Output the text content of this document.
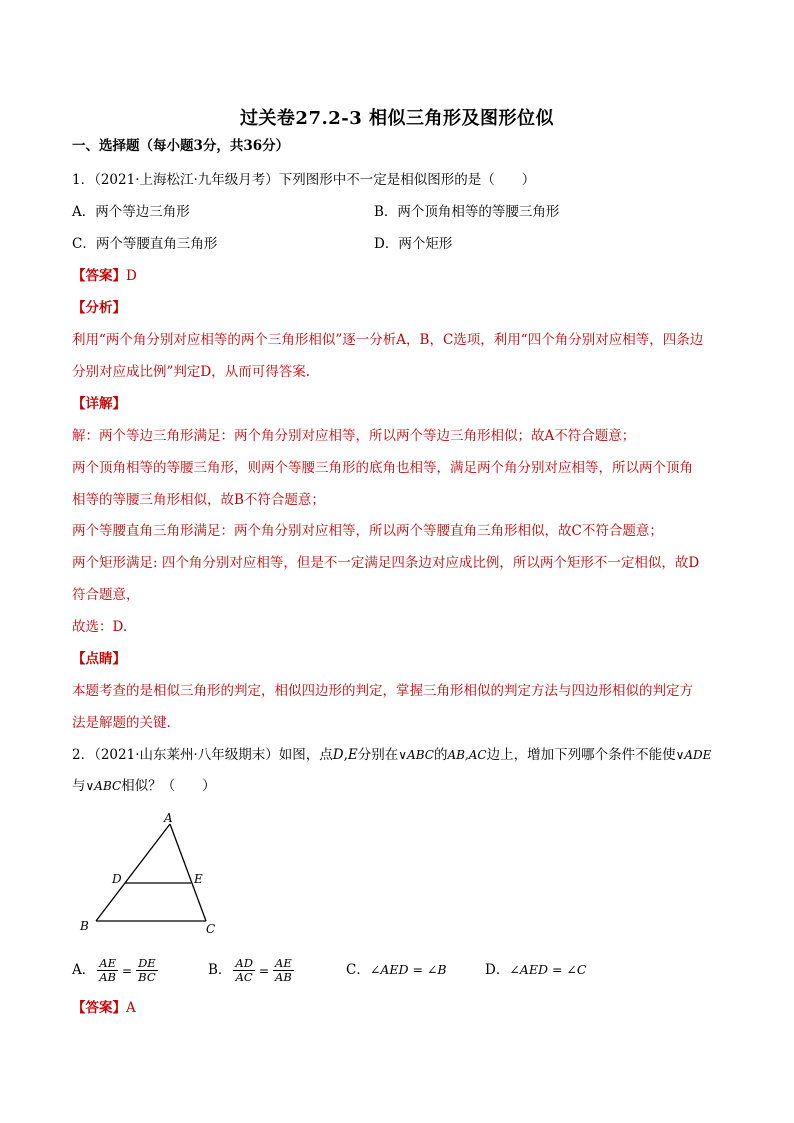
过关卷27.2-3 相似三角形及图形位似
一、选择题（每小题3分，共36分）
1．（2021·上海松江·九年级月考）下列图形中不一定是相似图形的是（　　）
A．两个等边三角形	B．两个顶角相等的等腰三角形
C．两个等腰直角三角形	D．两个矩形
【答案】D
【分析】
利用“两个角分别对应相等的两个三角形相似”逐一分析A，B，C选项，利用“四个角分别对应相等，四条边
分别对应成比例”判定D，从而可得答案.
【详解】
解：两个等边三角形满足：两个角分别对应相等，所以两个等边三角形相似；故A不符合题意；
两个顶角相等的等腰三角形，则两个等腰三角形的底角也相等，满足两个角分别对应相等，所以两个顶角
相等的等腰三角形相似，故B不符合题意；
两个等腰直角三角形满足：两个角分别对应相等，所以两个等腰直角三角形相似，故C不符合题意；
两个矩形满足: 四个角分别对应相等，但是不一定满足四条边对应成比例，所以两个矩形不一定相似，故D
符合题意，
故选：D.
【点睛】
本题考查的是相似三角形的判定，相似四边形的判定，掌握三角形相似的判定方法与四边形相似的判定方
法是解题的关键.
2．（2021·山东莱州·八年级期末）如图，点D,E分别在∨ABC的AB,AC边上，增加下列哪个条件不能使∨ADE
与∨ABC相似？（　　）
A
D	E
B	C
A． $\frac{AE}{AB} = \frac{DE}{BC}$	B． $\frac{AD}{AC} = \frac{AE}{AB}$	C．∠AED = ∠B	D．∠AED = ∠C
【答案】A
